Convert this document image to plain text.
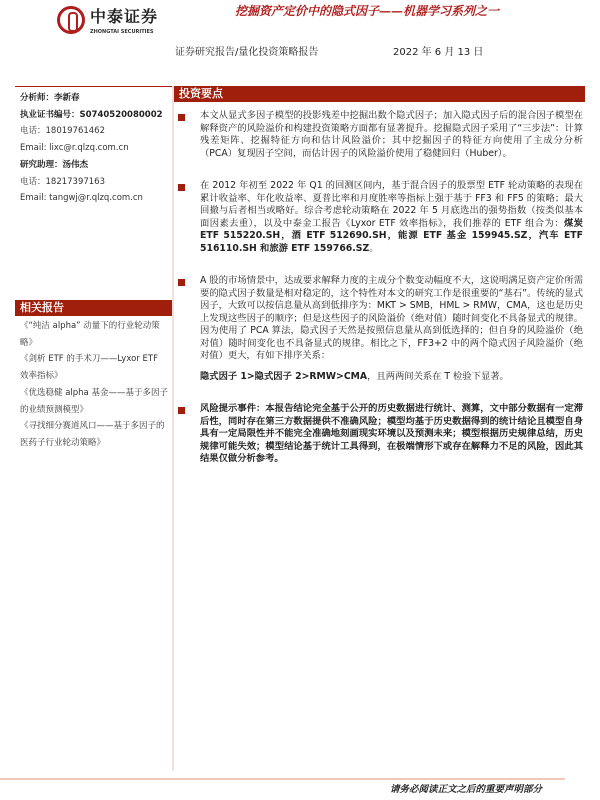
中泰证券
ZHONGTAI SECURITIES
挖掘资产定价中的隐式因子——机器学习系列之一
证券研究报告/量化投资策略报告	2022 年 6 月 13 日
分析师：李新春
执业证书编号：S0740520080002
电话：18019761462
Email: lixc@r.qlzq.com.cn
研究助理：汤伟杰
电话：18217397163
Email: tangwj@r.qlzq.com.cn
相关报告
《“纯洁 alpha” 动量下的行业轮动策略》
《剑析 ETF 的手术刀——Lyxor ETF 效率指标》
《优选稳健 alpha 基金——基于多因子的业绩预测模型》
《寻找细分赛道风口——基于多因子的医药子行业轮动策略》
投资要点
本文从显式多因子模型的投影残差中挖掘出数个隐式因子；加入隐式因子后的混合因子模型在解释资产的风险溢价和构建投资策略方面都有显著提升。挖掘隐式因子采用了“三步法”：计算残差矩阵、挖掘特征方向和估计风险溢价；其中挖掘因子的特征方向使用了主成分分析（PCA）复现因子空间，而估计因子的风险溢价使用了稳健回归（Huber）。
在 2012 年初至 2022 年 Q1 的回测区间内，基于混合因子的股票型 ETF 轮动策略的表现在累计收益率、年化收益率、夏普比率和月度胜率等指标上强于基于 FF3 和 FF5 的策略；最大回撤与后者相当或略好。综合考虑轮动策略在 2022 年 5 月底选出的强势指数（按类似基本面因素去重），以及中泰金工报告《Lyxor ETF 效率指标》，我们推荐的 ETF 组合为：煤炭 ETF 515220.SH，酒 ETF 512690.SH，能源 ETF 基金 159945.SZ，汽车 ETF 516110.SH 和旅游 ETF 159766.SZ。
A 股的市场情景中，达成要求解释力度的主成分个数变动幅度不大，这说明满足资产定价所需要的隐式因子数量是相对稳定的，这个特性对本文的研究工作是很重要的“基石”。传统的显式因子，大致可以按信息量从高到低排序为：MKT > SMB，HML > RMW，CMA，这也是历史上发现这些因子的顺序；但是这些因子的风险溢价（绝对值）随时间变化不具备显式的规律。因为使用了 PCA 算法，隐式因子天然是按照信息量从高到低选择的；但自身的风险溢价（绝对值）随时间变化也不具备显式的规律。相比之下，FF3+2 中的两个隐式因子风险溢价（绝对值）更大，有如下排序关系：
隐式因子 1>隐式因子 2>RMW>CMA，且两两间关系在 T 检验下显著。
风险提示事件：本报告结论完全基于公开的历史数据进行统计、测算，文中部分数据有一定滞后性，同时存在第三方数据提供不准确风险；模型均基于历史数据得到的统计结论且模型自身具有一定局限性并不能完全准确地刻画现实环境以及预测未来；模型根据历史规律总结，历史规律可能失效；模型结论基于统计工具得到，在极端情形下或存在解释力不足的风险，因此其结果仅做分析参考。
请务必阅读正文之后的重要声明部分
